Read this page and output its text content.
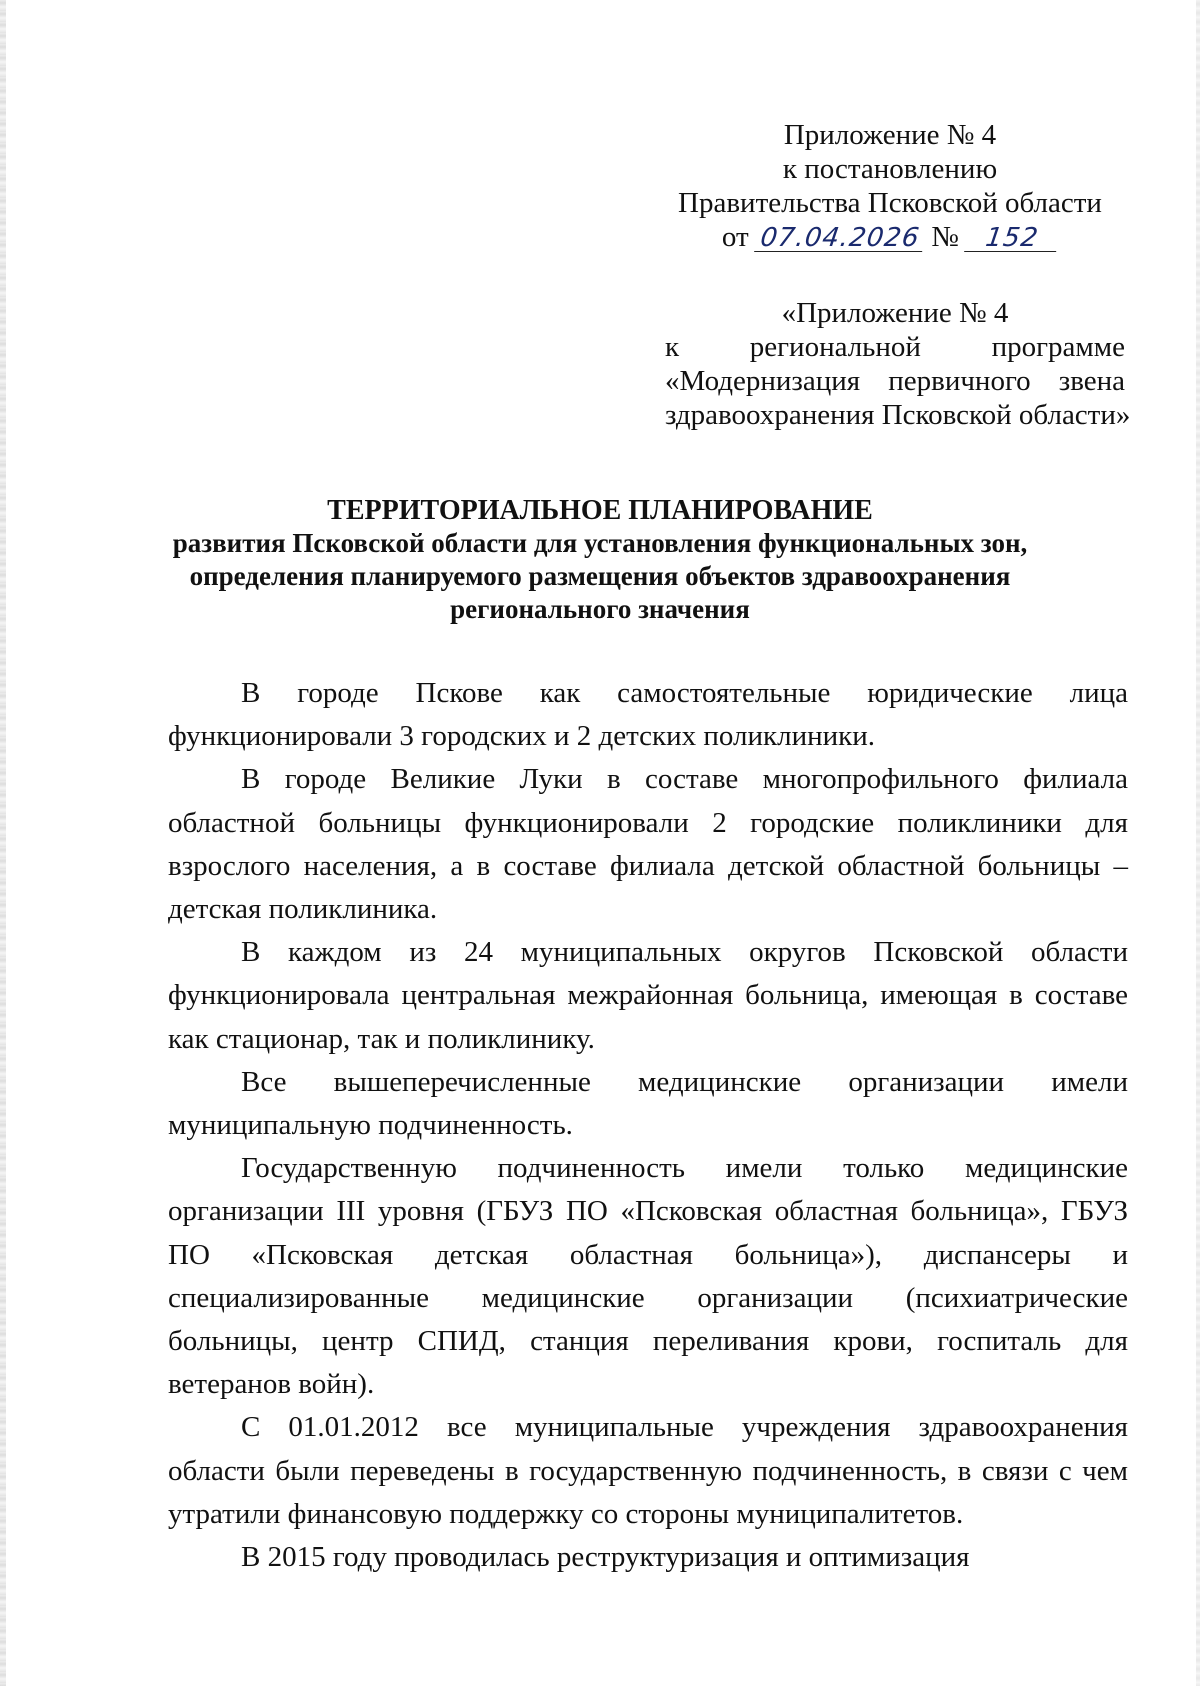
Приложение № 4
к постановлению
Правительства Псковской области
от 07.04.2026 № 152
«Приложение № 4
к региональной программе
«Модернизация первичного звена
здравоохранения Псковской области»
ТЕРРИТОРИАЛЬНОЕ ПЛАНИРОВАНИЕ
развития Псковской области для установления функциональных зон,
определения планируемого размещения объектов здравоохранения
регионального значения

В городе Пскове как самостоятельные юридические лица функционировали 3 городских и 2 детских поликлиники.

В городе Великие Луки в составе многопрофильного филиала областной больницы функционировали 2 городские поликлиники для взрослого населения, а в составе филиала детской областной больницы – детская поликлиника.

В каждом из 24 муниципальных округов Псковской области функционировала центральная межрайонная больница, имеющая в составе как стационар, так и поликлинику.

Все вышеперечисленные медицинские организации имели муниципальную подчиненность.

Государственную подчиненность имели только медицинские организации III уровня (ГБУЗ ПО «Псковская областная больница», ГБУЗ ПО «Псковская детская областная больница»), диспансеры и специализированные медицинские организации (психиатрические больницы, центр СПИД, станция переливания крови, госпиталь для ветеранов войн).

С 01.01.2012 все муниципальные учреждения здравоохранения области были переведены в государственную подчиненность, в связи с чем утратили финансовую поддержку со стороны муниципалитетов.

В 2015 году проводилась реструктуризация и оптимизация
